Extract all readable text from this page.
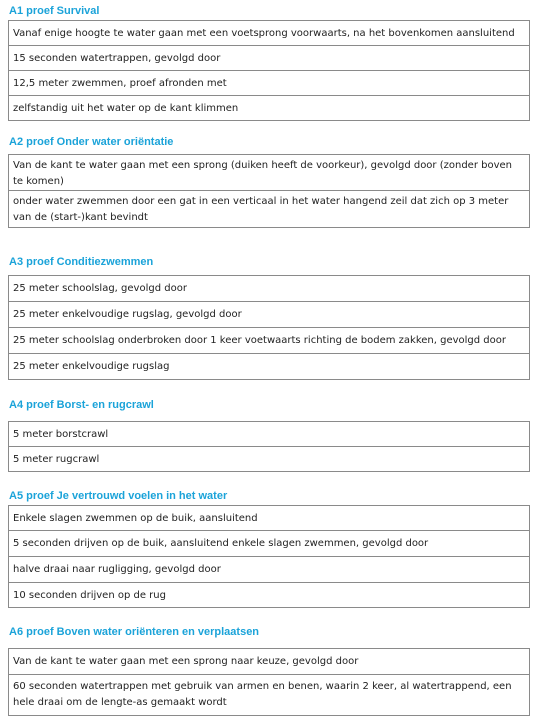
A1 proef Survival
Vanaf enige hoogte te water gaan met een voetsprong voorwaarts, na het bovenkomen aansluitend
15 seconden watertrappen, gevolgd door
12,5 meter zwemmen, proef afronden met
zelfstandig uit het water op de kant klimmen
A2 proef Onder water oriëntatie
Van de kant te water gaan met een sprong (duiken heeft de voorkeur), gevolgd door (zonder boven te komen)
onder water zwemmen door een gat in een verticaal in het water hangend zeil dat zich op 3 meter van de (start-)kant bevindt
A3 proef Conditiezwemmen
25 meter schoolslag, gevolgd door
25 meter enkelvoudige rugslag, gevolgd door
25 meter schoolslag onderbroken door 1 keer voetwaarts richting de bodem zakken, gevolgd door
25 meter enkelvoudige rugslag
A4 proef Borst- en rugcrawl
5 meter borstcrawl
5 meter rugcrawl
A5 proef Je vertrouwd voelen in het water
Enkele slagen zwemmen op de buik, aansluitend
5 seconden drijven op de buik, aansluitend enkele slagen zwemmen, gevolgd door
halve draai naar rugligging, gevolgd door
10 seconden drijven op de rug
A6 proef Boven water oriënteren en verplaatsen
Van de kant te water gaan met een sprong naar keuze, gevolgd door
60 seconden watertrappen met gebruik van armen en benen, waarin 2 keer, al watertrappend, een hele draai om de lengte-as gemaakt wordt
